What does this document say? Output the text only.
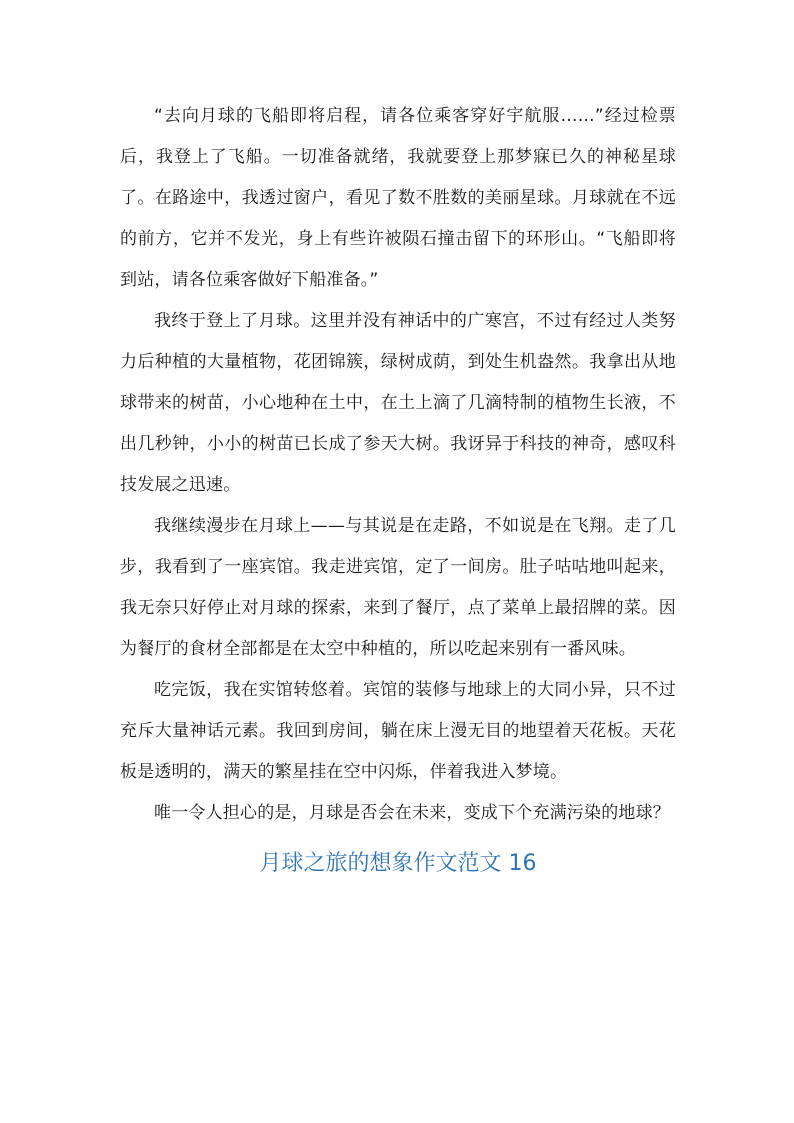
“去向月球的飞船即将启程，请各位乘客穿好宇航服……”经过检票后，我登上了飞船。一切准备就绪，我就要登上那梦寐已久的神秘星球了。在路途中，我透过窗户，看见了数不胜数的美丽星球。月球就在不远的前方，它并不发光，身上有些许被陨石撞击留下的环形山。“飞船即将到站，请各位乘客做好下船准备。”

我终于登上了月球。这里并没有神话中的广寒宫，不过有经过人类努力后种植的大量植物，花团锦簇，绿树成荫，到处生机盎然。我拿出从地球带来的树苗，小心地种在土中，在土上滴了几滴特制的植物生长液，不出几秒钟，小小的树苗已长成了参天大树。我讶异于科技的神奇，感叹科技发展之迅速。

我继续漫步在月球上——与其说是在走路，不如说是在飞翔。走了几步，我看到了一座宾馆。我走进宾馆，定了一间房。肚子咕咕地叫起来，我无奈只好停止对月球的探索，来到了餐厅，点了菜单上最招牌的菜。因为餐厅的食材全部都是在太空中种植的，所以吃起来别有一番风味。

吃完饭，我在实馆转悠着。宾馆的装修与地球上的大同小异，只不过充斥大量神话元素。我回到房间，躺在床上漫无目的地望着天花板。天花板是透明的，满天的繁星挂在空中闪烁，伴着我进入梦境。

唯一令人担心的是，月球是否会在未来，变成下个充满污染的地球？

月球之旅的想象作文范文 16
